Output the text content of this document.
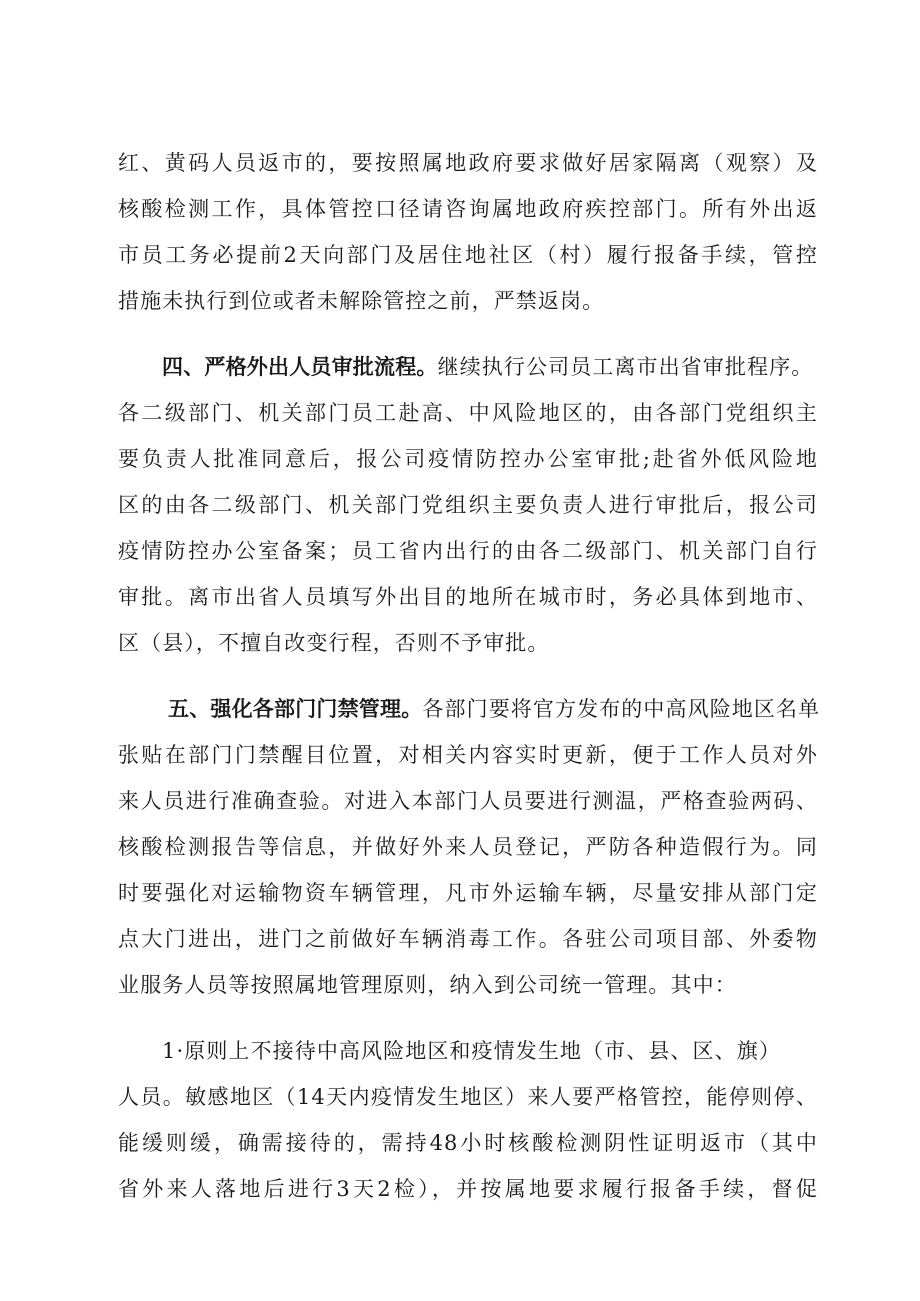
红、黄码人员返市的，要按照属地政府要求做好居家隔离（观察）及
核酸检测工作，具体管控口径请咨询属地政府疾控部门。所有外出返
市员工务必提前2天向部门及居住地社区（村）履行报备手续，管控
措施未执行到位或者未解除管控之前，严禁返岗。
四、严格外出人员审批流程。继续执行公司员工离市出省审批程序。
各二级部门、机关部门员工赴高、中风险地区的，由各部门党组织主
要负责人批准同意后，报公司疫情防控办公室审批;赴省外低风险地
区的由各二级部门、机关部门党组织主要负责人进行审批后，报公司
疫情防控办公室备案；员工省内出行的由各二级部门、机关部门自行
审批。离市出省人员填写外出目的地所在城市时，务必具体到地市、
区（县），不擅自改变行程，否则不予审批。
五、强化各部门门禁管理。各部门要将官方发布的中高风险地区名单
张贴在部门门禁醒目位置，对相关内容实时更新，便于工作人员对外
来人员进行准确查验。对进入本部门人员要进行测温，严格查验两码、
核酸检测报告等信息，并做好外来人员登记，严防各种造假行为。同
时要强化对运输物资车辆管理，凡市外运输车辆，尽量安排从部门定
点大门进出，进门之前做好车辆消毒工作。各驻公司项目部、外委物
业服务人员等按照属地管理原则，纳入到公司统一管理。其中：
1·原则上不接待中高风险地区和疫情发生地（市、县、区、旗）
人员。敏感地区（14天内疫情发生地区）来人要严格管控，能停则停、
能缓则缓，确需接待的，需持48小时核酸检测阴性证明返市（其中
省外来人落地后进行3天2检），并按属地要求履行报备手续，督促
